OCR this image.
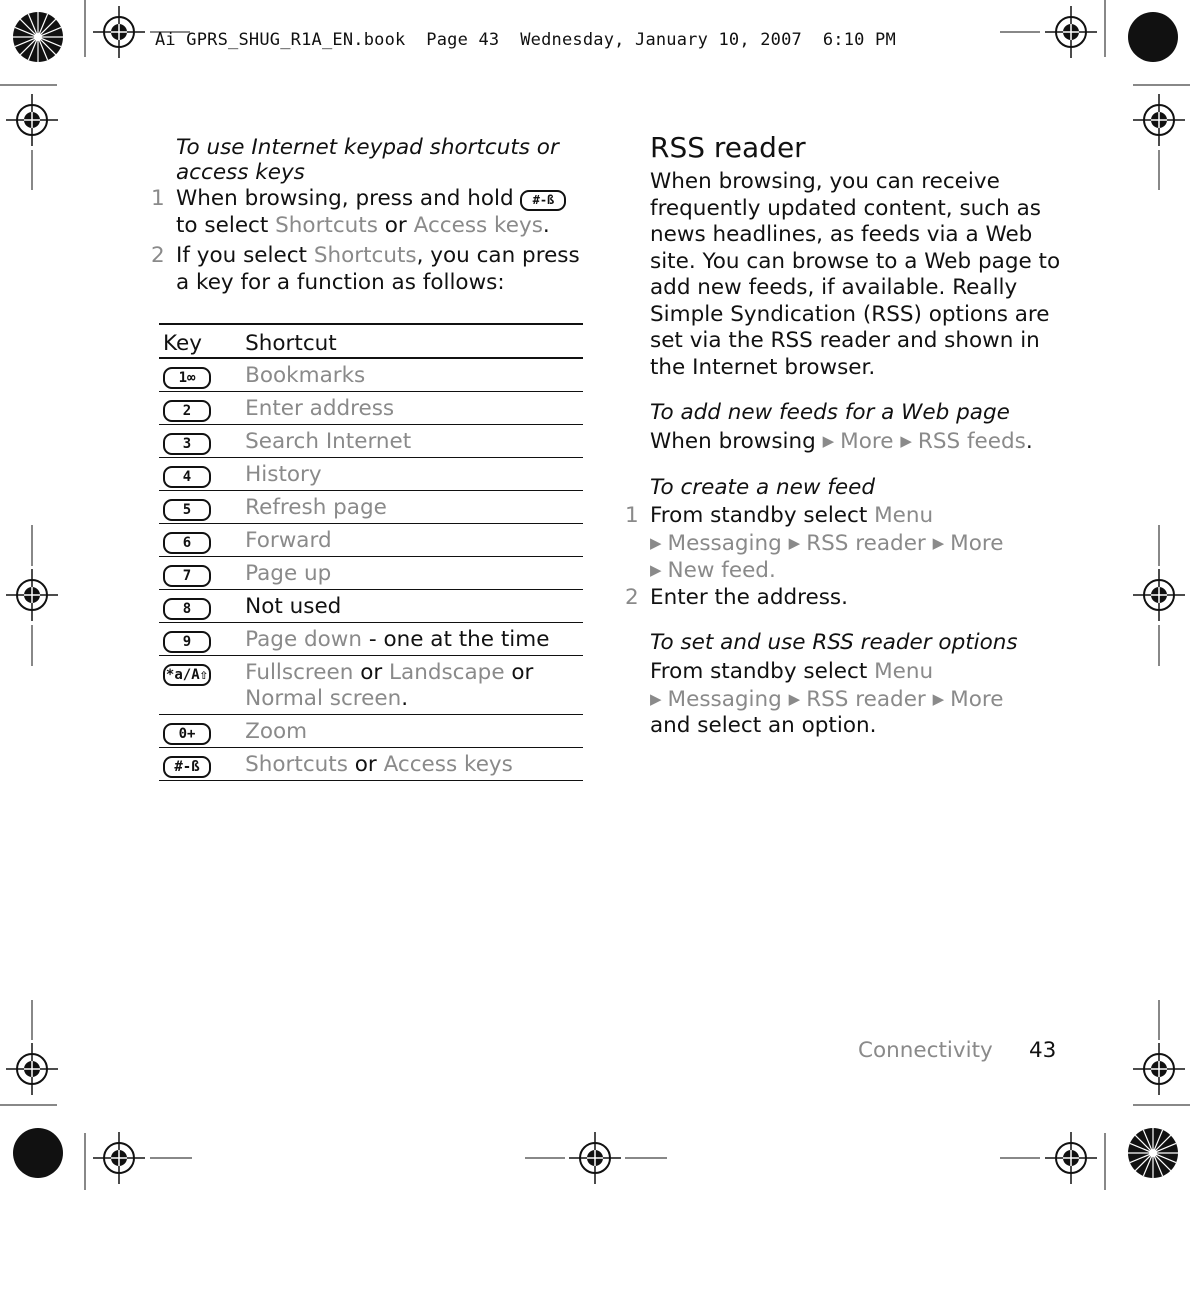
Ai GPRS_SHUG_R1A_EN.book  Page 43  Wednesday, January 10, 2007  6:10 PM
To use Internet keypad shortcuts or
access keys
1 When browsing, press and hold #-ß
to select Shortcuts or Access keys.
2 If you select Shortcuts, you can press
a key for a function as follows:
Key	Shortcut
1∞	Bookmarks
2	Enter address
3	Search Internet
4	History
5	Refresh page
6	Forward
7	Page up
8	Not used
9	Page down - one at the time
*a/A⇧	Fullscreen or Landscape or Normal screen.
0+	Zoom
#-ß	Shortcuts or Access keys
RSS reader
When browsing, you can receive
frequently updated content, such as
news headlines, as feeds via a Web
site. You can browse to a Web page to
add new feeds, if available. Really
Simple Syndication (RSS) options are
set via the RSS reader and shown in
the Internet browser.
To add new feeds for a Web page
When browsing ▶ More ▶ RSS feeds.
To create a new feed
1 From standby select Menu
▶ Messaging ▶ RSS reader ▶ More
▶ New feed.
2 Enter the address.
To set and use RSS reader options
From standby select Menu
▶ Messaging ▶ RSS reader ▶ More
and select an option.
Connectivity 43
